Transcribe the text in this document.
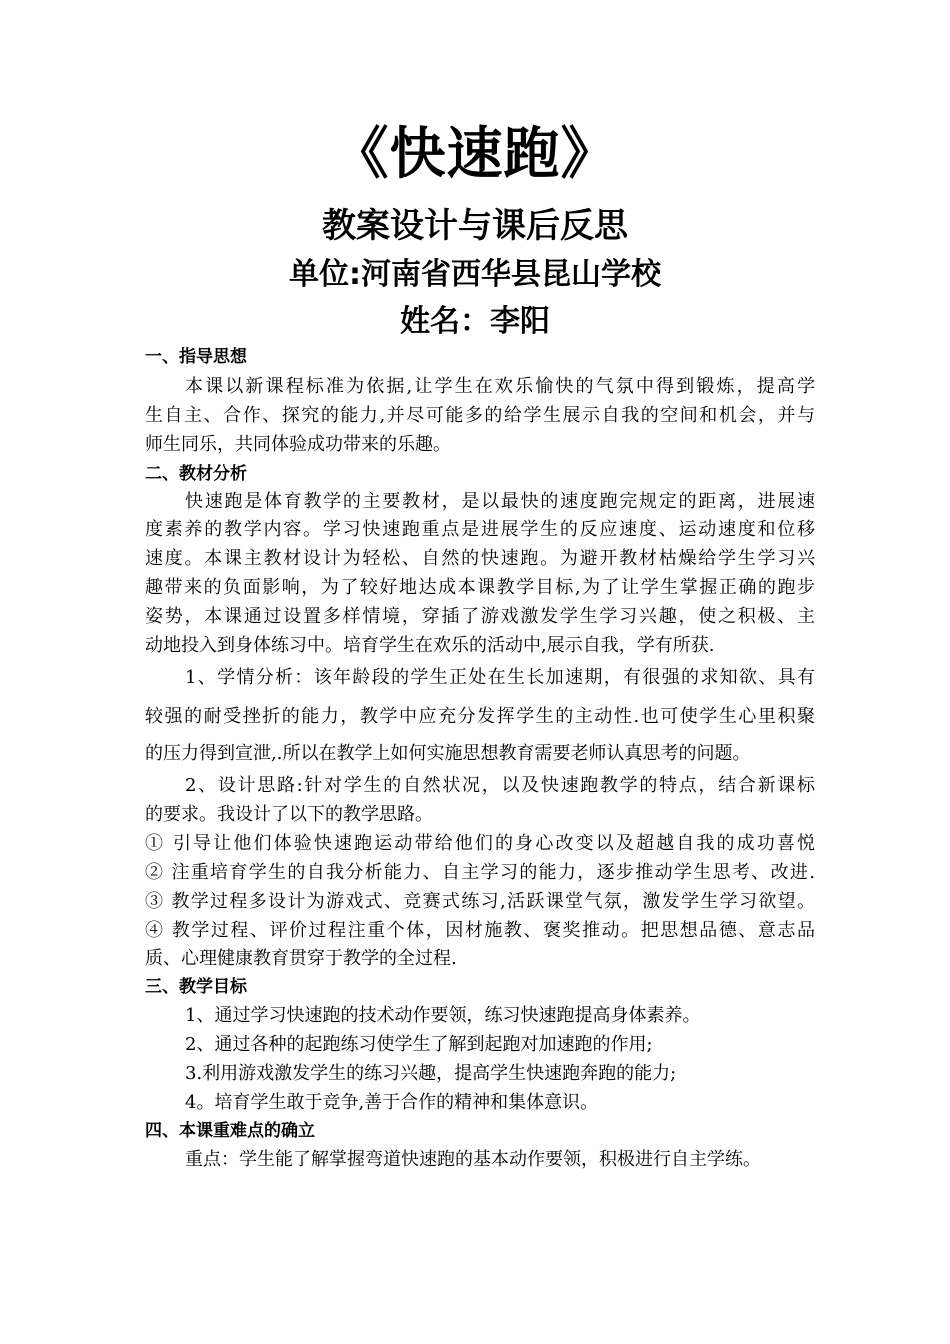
《快速跑》
教案设计与课后反思
单位:河南省西华县昆山学校
姓名：李阳
一、指导思想
本课以新课程标准为依据,让学生在欢乐愉快的气氛中得到锻炼，提高学
生自主、合作、探究的能力,并尽可能多的给学生展示自我的空间和机会，并与
师生同乐，共同体验成功带来的乐趣。
二、教材分析
快速跑是体育教学的主要教材，是以最快的速度跑完规定的距离，进展速
度素养的教学内容。学习快速跑重点是进展学生的反应速度、运动速度和位移
速度。本课主教材设计为轻松、自然的快速跑。为避开教材枯燥给学生学习兴
趣带来的负面影响，为了较好地达成本课教学目标,为了让学生掌握正确的跑步
姿势，本课通过设置多样情境，穿插了游戏激发学生学习兴趣，使之积极、主
动地投入到身体练习中。培育学生在欢乐的活动中,展示自我，学有所获.
1、学情分析：该年龄段的学生正处在生长加速期，有很强的求知欲、具有
较强的耐受挫折的能力，教学中应充分发挥学生的主动性.也可使学生心里积聚
的压力得到宣泄,.所以在教学上如何实施思想教育需要老师认真思考的问题。
2、设计思路:针对学生的自然状况，以及快速跑教学的特点，结合新课标
的要求。我设计了以下的教学思路。
① 引导让他们体验快速跑运动带给他们的身心改变以及超越自我的成功喜悦
② 注重培育学生的自我分析能力、自主学习的能力，逐步推动学生思考、改进.
③ 教学过程多设计为游戏式、竞赛式练习,活跃课堂气氛，激发学生学习欲望。
④ 教学过程、评价过程注重个体，因材施教、褒奖推动。把思想品德、意志品
质、心理健康教育贯穿于教学的全过程.
三、教学目标
1、通过学习快速跑的技术动作要领，练习快速跑提高身体素养。
2、通过各种的起跑练习使学生了解到起跑对加速跑的作用;
3.利用游戏激发学生的练习兴趣，提高学生快速跑奔跑的能力;
4。培育学生敢于竞争,善于合作的精神和集体意识。
四、本课重难点的确立
重点：学生能了解掌握弯道快速跑的基本动作要领，积极进行自主学练。
